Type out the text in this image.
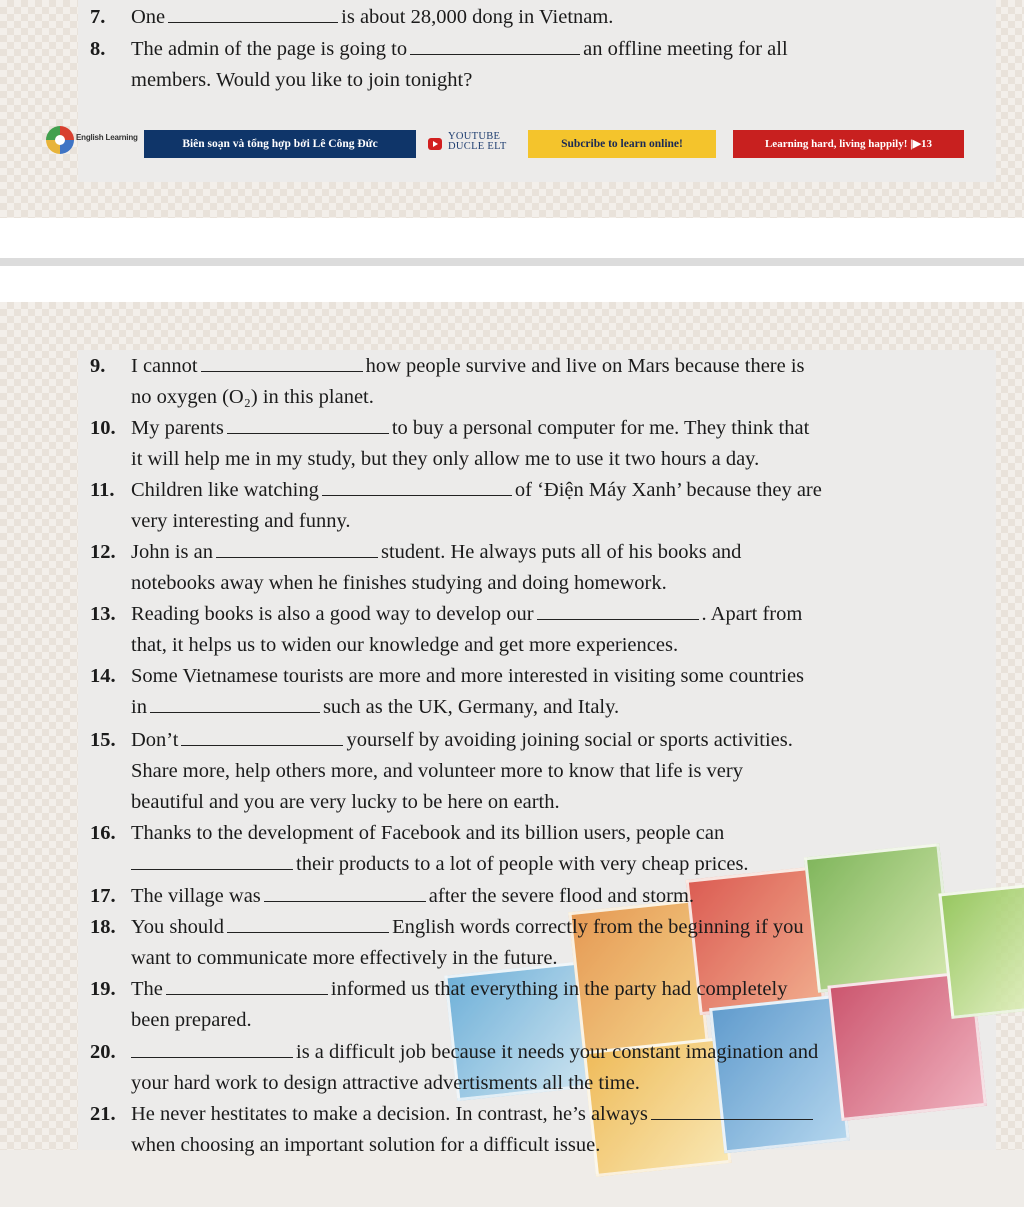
7. One	is about 28,000 dong in Vietnam.
8. The admin of the page is going to	an offline meeting for all
members. Would you like to join tonight?
English Learning
Biên soạn và tổng hợp bởi Lê Công Đức
YOUTUBE
DUCLE ELT	Subcribe to learn online!	Learning hard, living happily! |▶13
9. I cannot	how people survive and live on Mars because there is
no oxygen (O₂) in this planet.
10. My parents	to buy a personal computer for me. They think that
it will help me in my study, but they only allow me to use it two hours a day.
11. Children like watching	of ‘Điện Máy Xanh’ because they are
very interesting and funny.
12. John is an	student. He always puts all of his books and
notebooks away when he finishes studying and doing homework.
13. Reading books is also a good way to develop our	. Apart from
that, it helps us to widen our knowledge and get more experiences.
14. Some Vietnamese tourists are more and more interested in visiting some countries
in	such as the UK, Germany, and Italy.
15. Don’t	yourself by avoiding joining social or sports activities.
Share more, help others more, and volunteer more to know that life is very
beautiful and you are very lucky to be here on earth.
16. Thanks to the development of Facebook and its billion users, people can
their products to a lot of people with very cheap prices.
17. The village was	after the severe flood and storm.
18. You should	English words correctly from the beginning if you
want to communicate more effectively in the future.
19. The	informed us that everything in the party had completely
been prepared.
20.	is a difficult job because it needs your constant imagination and
your hard work to design attractive advertisments all the time.
21. He never hestitates to make a decision. In contrast, he’s always
when choosing an important solution for a difficult issue.
